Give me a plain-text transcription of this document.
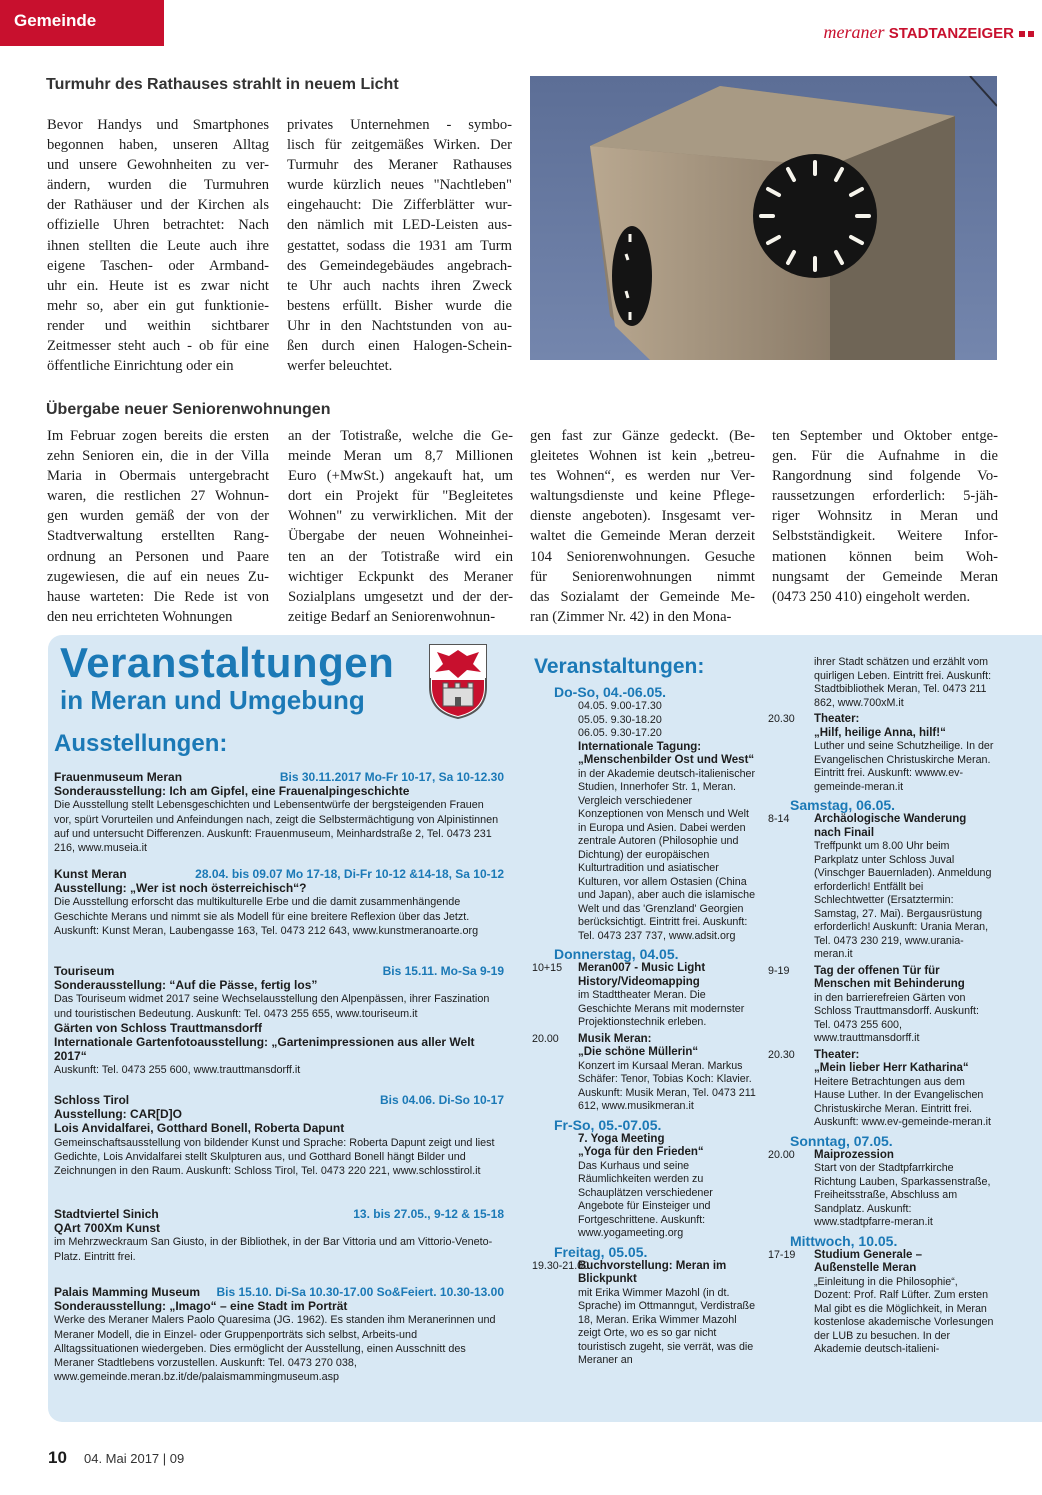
Gemeinde
meraner STADTANZEIGER
Turmuhr des Rathauses strahlt in neuem Licht
Bevor Handys und Smartphones
begonnen haben, unseren Alltag
und unsere Gewohnheiten zu ver-
ändern, wurden die Turmuhren
der Rathäuser und der Kirchen als
offizielle Uhren betrachtet: Nach
ihnen stellten die Leute auch ihre
eigene Taschen- oder Armband-
uhr ein. Heute ist es zwar nicht
mehr so, aber ein gut funktionie-
render und weithin sichtbarer
Zeitmesser steht auch - ob für eine
öffentliche Einrichtung oder ein
privates Unternehmen - symbo-
lisch für zeitgemäßes Wirken. Der
Turmuhr des Meraner Rathauses
wurde kürzlich neues "Nachtleben"
eingehaucht: Die Zifferblätter wur-
den nämlich mit LED-Leisten aus-
gestattet, sodass die 1931 am Turm
des Gemeindegebäudes angebrach-
te Uhr auch nachts ihren Zweck
bestens erfüllt. Bisher wurde die
Uhr in den Nachtstunden von au-
ßen durch einen Halogen-Schein-
werfer beleuchtet.
Übergabe neuer Seniorenwohnungen
Im Februar zogen bereits die ersten
zehn Senioren ein, die in der Villa
Maria in Obermais untergebracht
waren, die restlichen 27 Wohnun-
gen wurden gemäß der von der
Stadtverwaltung erstellten Rang-
ordnung an Personen und Paare
zugewiesen, die auf ein neues Zu-
hause warteten: Die Rede ist von
den neu errichteten Wohnungen
an der Totistraße, welche die Ge-
meinde Meran um 8,7 Millionen
Euro (+MwSt.) angekauft hat, um
dort ein Projekt für "Begleitetes
Wohnen" zu verwirklichen. Mit der
Übergabe der neuen Wohneinhei-
ten an der Totistraße wird ein
wichtiger Eckpunkt des Meraner
Sozialplans umgesetzt und der der-
zeitige Bedarf an Seniorenwohnun-
gen fast zur Gänze gedeckt. (Be-
gleitetes Wohnen ist kein „betreu-
tes Wohnen“, es werden nur Ver-
waltungsdienste und keine Pflege-
dienste angeboten). Insgesamt ver-
waltet die Gemeinde Meran derzeit
104 Seniorenwohnungen. Gesuche
für Seniorenwohnungen nimmt
das Sozialamt der Gemeinde Me-
ran (Zimmer Nr. 42) in den Mona-
ten September und Oktober entge-
gen. Für die Aufnahme in die
Rangordnung sind folgende Vo-
raussetzungen erforderlich: 5-jäh-
riger Wohnsitz in Meran und
Selbstständigkeit. Weitere Infor-
mationen können beim Woh-
nungsamt der Gemeinde Meran
(0473 250 410) eingeholt werden.
Veranstaltungen
in Meran und Umgebung
Ausstellungen:
Frauenmuseum Meran	Bis 30.11.2017 Mo-Fr 10-17, Sa 10-12.30
Sonderausstellung: Ich am Gipfel, eine Frauenalpingeschichte
Die Ausstellung stellt Lebensgeschichten und Lebensentwürfe der bergsteigenden Frauen vor, spürt Vorurteilen und Anfeindungen nach, zeigt die Selbstermächtigung von Alpinistinnen auf und untersucht Differenzen. Auskunft: Frauenmuseum, Meinhardstraße 2, Tel. 0473 231 216, www.museia.it
Kunst Meran	28.04. bis 09.07 Mo 17-18, Di-Fr 10-12 &14-18, Sa 10-12
Ausstellung: „Wer ist noch österreichisch“?
Die Ausstellung erforscht das multikulturelle Erbe und die damit zusammenhängende Geschichte Merans und nimmt sie als Modell für eine breitere Reflexion über das Jetzt. Auskunft: Kunst Meran, Laubengasse 163, Tel. 0473 212 643, www.kunstmeranoarte.org
Touriseum	Bis 15.11. Mo-Sa 9-19
Sonderausstellung: “Auf die Pässe, fertig los”
Das Touriseum widmet 2017 seine Wechselausstellung den Alpenpässen, ihrer Faszination und touristischen Bedeutung. Auskunft: Tel. 0473 255 655, www.touriseum.it
Gärten von Schloss Trauttmansdorff
Internationale Gartenfotoausstellung: „Gartenimpressionen aus aller Welt 2017“
Auskunft: Tel. 0473 255 600, www.trauttmansdorff.it
Schloss Tirol	Bis 04.06. Di-So 10-17
Ausstellung: CAR[D]O
Lois Anvidalfarei, Gotthard Bonell, Roberta Dapunt
Gemeinschaftsausstellung von bildender Kunst und Sprache: Roberta Dapunt zeigt und liest Gedichte, Lois Anvidalfarei stellt Skulpturen aus, und Gotthard Bonell hängt Bilder und Zeichnungen in den Raum. Auskunft: Schloss Tirol, Tel. 0473 220 221, www.schlosstirol.it
Stadtviertel Sinich	13. bis 27.05., 9-12 & 15-18
QArt 700Xm Kunst
im Mehrzweckraum San Giusto, in der Bibliothek, in der Bar Vittoria und am Vittorio-Veneto-Platz. Eintritt frei.
Palais Mamming Museum Bis 15.10. Di-Sa 10.30-17.00 So&Feiert. 10.30-13.00
Sonderausstellung: „Imago“ – eine Stadt im Porträt
Werke des Meraner Malers Paolo Quaresima (JG. 1962). Es standen ihm Meranerinnen und Meraner Modell, die in Einzel- oder Gruppenporträts sich selbst, Arbeits-und Alltagssituationen wiedergeben. Dies ermöglicht der Ausstellung, einen Ausschnitt des Meraner Stadtlebens vorzustellen. Auskunft: Tel. 0473 270 038, www.gemeinde.meran.bz.it/de/palaismammingmuseum.asp
Veranstaltungen:
Do-So, 04.-06.05.
04.05. 9.00-17.30
05.05. 9.30-18.20
06.05. 9.30-17.20
Internationale Tagung: „Menschenbilder Ost und West“
in der Akademie deutsch-italienischer Studien, Innerhofer Str. 1, Meran. Vergleich verschiedener Konzeptionen von Mensch und Welt in Europa und Asien. Dabei werden zentrale Autoren (Philosophie und Dichtung) der europäischen Kulturtradition und asiatischer Kulturen, vor allem Ostasien (China und Japan), aber auch die islamische Welt und das 'Grenzland' Georgien berücksichtigt. Eintritt frei. Auskunft: Tel. 0473 237 737, www.adsit.org
Donnerstag, 04.05.
10+15 Meran007 - Music Light History/Videomapping
im Stadttheater Meran. Die Geschichte Merans mit modernster Projektionstechnik erleben.
20.00 Musik Meran:
„Die schöne Müllerin“
Konzert im Kursaal Meran. Markus Schäfer: Tenor, Tobias Koch: Klavier. Auskunft: Musik Meran, Tel. 0473 211 612, www.musikmeran.it
Fr-So, 05.-07.05.
7. Yoga Meeting
„Yoga für den Frieden“
Das Kurhaus und seine Räumlichkeiten werden zu Schauplätzen verschiedener Angebote für Einsteiger und Fortgeschrittene. Auskunft: www.yogameeting.org
Freitag, 05.05.
19.30-21.00
Buchvorstellung: Meran im Blickpunkt
mit Erika Wimmer Mazohl (in dt. Sprache) im Ottmanngut, Verdistraße 18, Meran. Erika Wimmer Mazohl zeigt Orte, wo es so gar nicht touristisch zugeht, sie verrät, was die Meraner an
ihrer Stadt schätzen und erzählt vom quirligen Leben. Eintritt frei. Auskunft: Stadtbibliothek Meran, Tel. 0473 211 862, www.700xM.it
20.30 Theater:
„Hilf, heilige Anna, hilf!“
Luther und seine Schutzheilige. In der Evangelischen Christuskirche Meran. Eintritt frei. Auskunft: wwww.ev-gemeinde-meran.it
Samstag, 06.05.
8-14 Archäologische Wanderung nach Finail
Treffpunkt um 8.00 Uhr beim Parkplatz unter Schloss Juval (Vinschger Bauernladen). Anmeldung erforderlich! Entfällt bei Schlechtwetter (Ersatztermin: Samstag, 27. Mai). Bergausrüstung erforderlich! Auskunft: Urania Meran, Tel. 0473 230 219, www.urania-meran.it
9-19 Tag der offenen Tür für Menschen mit Behinderung
in den barrierefreien Gärten von Schloss Trauttmansdorff. Auskunft: Tel. 0473 255 600, www.trauttmansdorff.it
20.30 Theater:
„Mein lieber Herr Katharina“
Heitere Betrachtungen aus dem Hause Luther. In der Evangelischen Christuskirche Meran. Eintritt frei. Auskunft: www.ev-gemeinde-meran.it
Sonntag, 07.05.
20.00 Maiprozession
Start von der Stadtpfarrkirche Richtung Lauben, Sparkassenstraße, Freiheitsstraße, Abschluss am Sandplatz. Auskunft: www.stadtpfarre-meran.it
Mittwoch, 10.05.
17-19 Studium Generale –
Außenstelle Meran
„Einleitung in die Philosophie“, Dozent: Prof. Ralf Lüfter. Zum ersten Mal gibt es die Möglichkeit, in Meran kostenlose akademische Vorlesungen der LUB zu besuchen. In der Akademie deutsch-italieni-
10 04. Mai 2017 | 09
